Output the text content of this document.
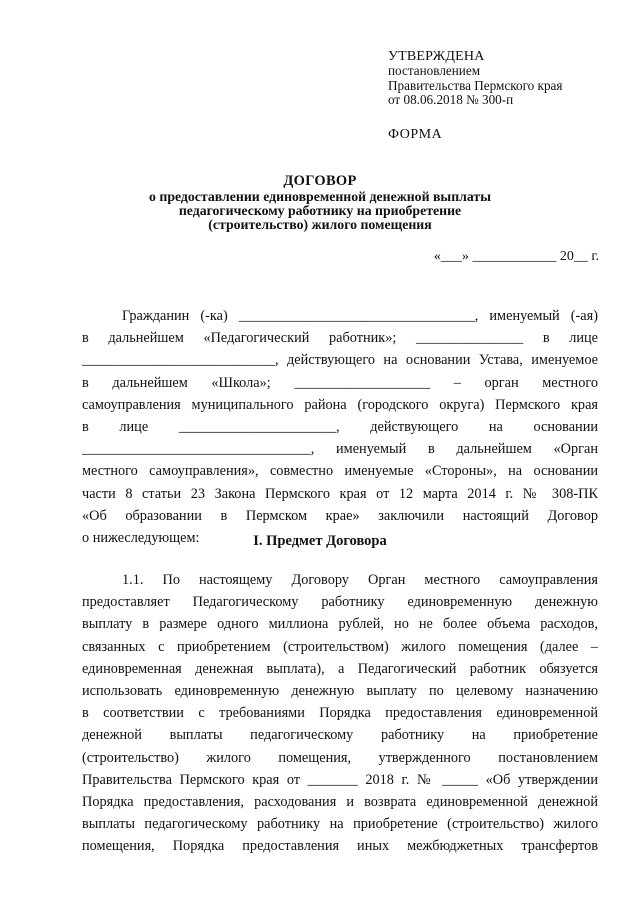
УТВЕРЖДЕНА
постановлением
Правительства Пермского края
от 08.06.2018 № 300-п
ФОРМА
ДОГОВОР
о предоставлении единовременной денежной выплаты
педагогическому работнику на приобретение
(строительство) жилого помещения
«___» ____________ 20__ г.
Гражданин (-ка) _________________________________, именуемый (-ая)
в дальнейшем «Педагогический работник»; _______________ в лице
___________________________, действующего на основании Устава, именуемое
в дальнейшем «Школа»; ___________________ – орган местного
самоуправления муниципального района (городского округа) Пермского края
в лице ______________________, действующего на основании
________________________________, именуемый в дальнейшем «Орган
местного самоуправления», совместно именуемые «Стороны», на основании
части 8 статьи 23 Закона Пермского края от 12 марта 2014 г. № 308-ПК
«Об образовании в Пермском крае» заключили настоящий Договор
о нижеследующем:	I. Предмет Договора
1.1. По настоящему Договору Орган местного самоуправления
предоставляет Педагогическому работнику единовременную денежную
выплату в размере одного миллиона рублей, но не более объема расходов,
связанных с приобретением (строительством) жилого помещения (далее –
единовременная денежная выплата), а Педагогический работник обязуется
использовать единовременную денежную выплату по целевому назначению
в соответствии с требованиями Порядка предоставления единовременной
денежной выплаты педагогическому работнику на приобретение
(строительство) жилого помещения, утвержденного постановлением
Правительства Пермского края от _______ 2018 г. № _____ «Об утверждении
Порядка предоставления, расходования и возврата единовременной денежной
выплаты педагогическому работнику на приобретение (строительство) жилого
помещения, Порядка предоставления иных межбюджетных трансфертов
